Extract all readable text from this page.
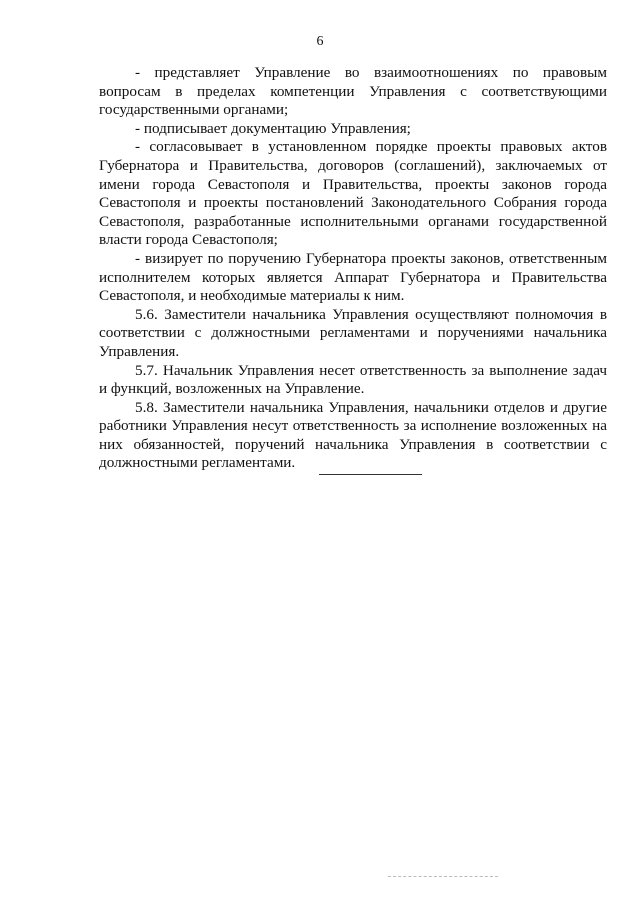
6

- представляет Управление во взаимоотношениях по правовым вопросам в пределах компетенции Управления с соответствующими государственными органами;

- подписывает документацию Управления;

- согласовывает в установленном порядке проекты правовых актов Губернатора и Правительства, договоров (соглашений), заключаемых от имени города Севастополя и Правительства, проекты законов города Севастополя и проекты постановлений Законодательного Собрания города Севастополя, разработанные исполнительными органами государственной власти города Севастополя;

- визирует по поручению Губернатора проекты законов, ответственным исполнителем которых является Аппарат Губернатора и Правительства Севастополя, и необходимые материалы к ним.

5.6. Заместители начальника Управления осуществляют полномочия в соответствии с должностными регламентами и поручениями начальника Управления.

5.7. Начальник Управления несет ответственность за выполнение задач и функций, возложенных на Управление.

5.8. Заместители начальника Управления, начальники отделов и другие работники Управления несут ответственность за исполнение возложенных на них обязанностей, поручений начальника Управления в соответствии с должностными регламентами.
